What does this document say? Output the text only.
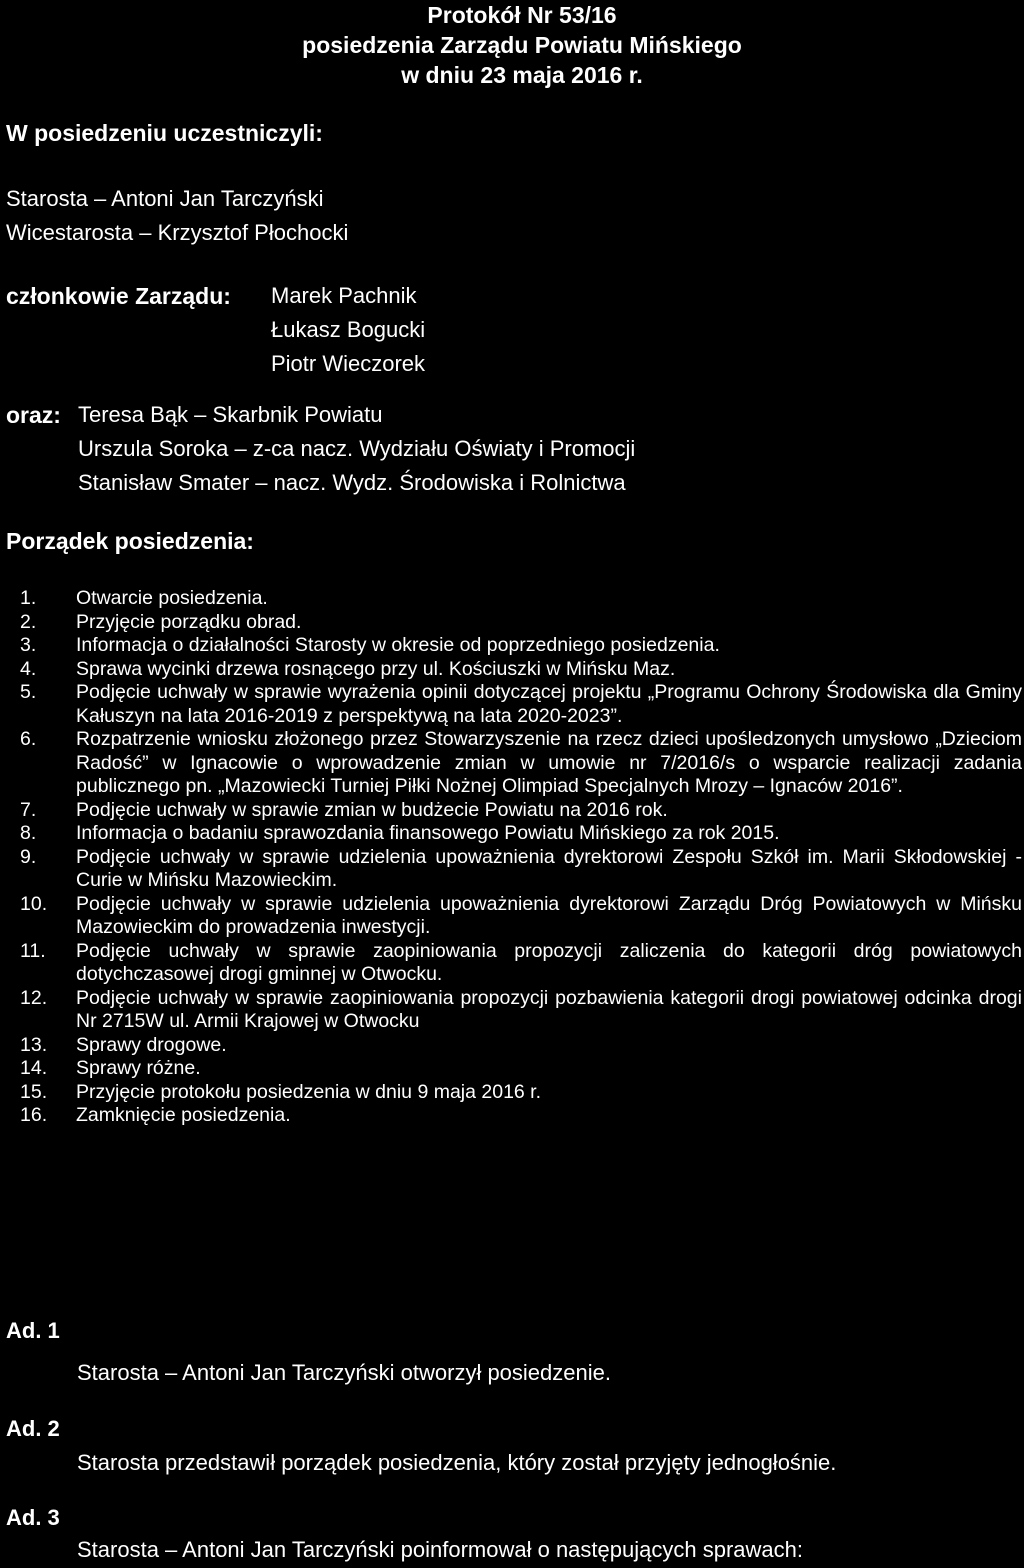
Protokół Nr 53/16
posiedzenia Zarządu Powiatu Mińskiego
w dniu 23 maja 2016 r.
W posiedzeniu uczestniczyli:
Starosta – Antoni Jan Tarczyński
Wicestarosta – Krzysztof Płochocki
członkowie Zarządu: Marek Pachnik
Łukasz Bogucki
Piotr Wieczorek
oraz: Teresa Bąk – Skarbnik Powiatu
Urszula Soroka – z-ca nacz. Wydziału Oświaty i Promocji
Stanisław Smater – nacz. Wydz. Środowiska i Rolnictwa
Porządek posiedzenia:
1.	Otwarcie posiedzenia.
2.	Przyjęcie porządku obrad.
3.	Informacja o działalności Starosty w okresie od poprzedniego posiedzenia.
4.	Sprawa wycinki drzewa rosnącego przy ul. Kościuszki w Mińsku Maz.
5.	Podjęcie uchwały w sprawie wyrażenia opinii dotyczącej projektu „Programu Ochrony Środowiska dla Gminy Kałuszyn na lata 2016-2019 z perspektywą na lata 2020-2023”.
6.	Rozpatrzenie wniosku złożonego przez Stowarzyszenie na rzecz dzieci upośledzonych umysłowo „Dzieciom Radość” w Ignacowie o wprowadzenie zmian w umowie nr 7/2016/s o wsparcie realizacji zadania publicznego pn. „Mazowiecki Turniej Piłki Nożnej Olimpiad Specjalnych Mrozy – Ignaców 2016”.
7.	Podjęcie uchwały w sprawie zmian w budżecie Powiatu na 2016 rok.
8.	Informacja o badaniu sprawozdania finansowego Powiatu Mińskiego za rok 2015.
9.	Podjęcie uchwały w sprawie udzielenia upoważnienia dyrektorowi Zespołu Szkół im. Marii Skłodowskiej - Curie w Mińsku Mazowieckim.
10.	Podjęcie uchwały w sprawie udzielenia upoważnienia dyrektorowi Zarządu Dróg Powiatowych w Mińsku Mazowieckim do prowadzenia inwestycji.
11.	Podjęcie uchwały w sprawie zaopiniowania propozycji zaliczenia do kategorii dróg powiatowych dotychczasowej drogi gminnej w Otwocku.
12.	Podjęcie uchwały w sprawie zaopiniowania propozycji pozbawienia kategorii drogi powiatowej odcinka drogi Nr 2715W ul. Armii Krajowej w Otwocku
13.	Sprawy drogowe.
14.	Sprawy różne.
15.	Przyjęcie protokołu posiedzenia w dniu 9 maja 2016 r.
16.	Zamknięcie posiedzenia.
Ad. 1
Starosta – Antoni Jan Tarczyński otworzył posiedzenie.
Ad. 2
Starosta przedstawił porządek posiedzenia, który został przyjęty jednogłośnie.
Ad. 3
Starosta – Antoni Jan Tarczyński poinformował o następujących sprawach:
